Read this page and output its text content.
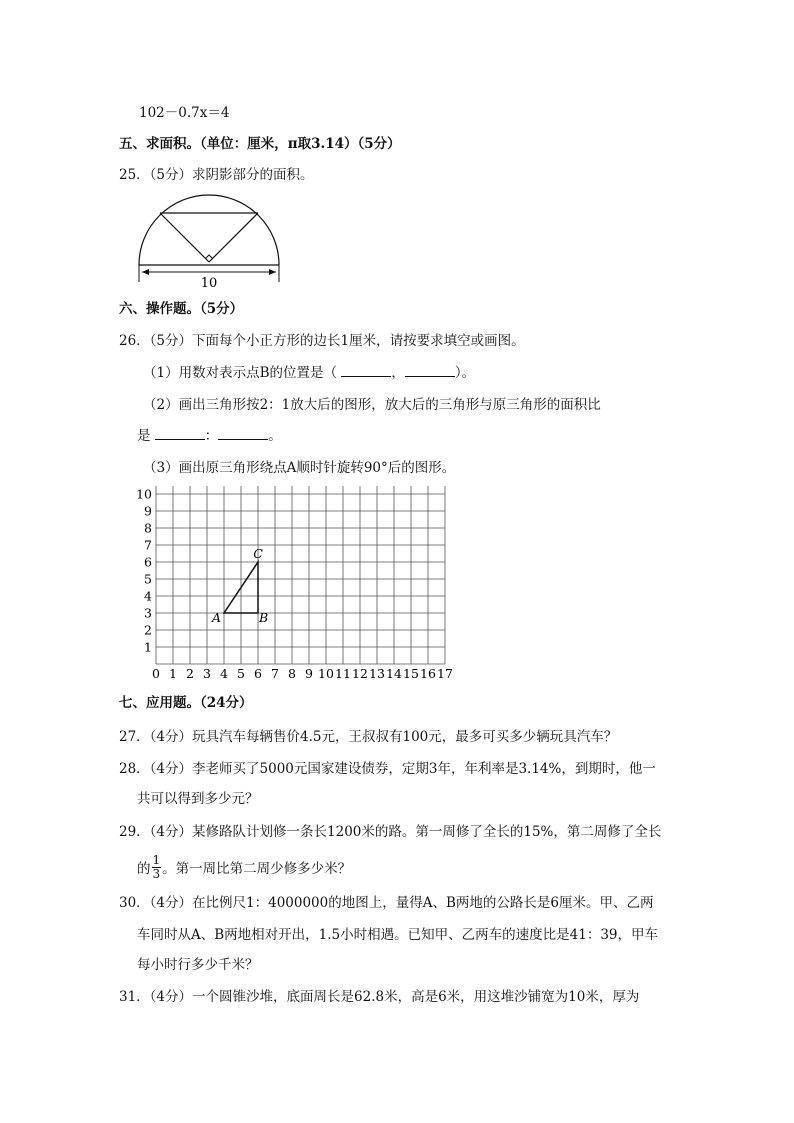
102－0.7x＝4
五、求面积。（单位：厘米，π取3.14）（5分）
25．（5分）求阴影部分的面积。
10
六、操作题。（5分）
26．（5分）下面每个小正方形的边长1厘米，请按要求填空或画图。
（1）用数对表示点B的位置是（	，	）。
（2）画出三角形按2：1放大后的图形，放大后的三角形与原三角形的面积比
是	：	。
（3）画出原三角形绕点A顺时针旋转90°后的图形。
0 1 2 3 4 5 6 7 8 9 10 11 12 13 14 15 16 17
1
2
3
4
5
6
7
8
9
10
A	B
C
七、应用题。（24分）
27．（4分）玩具汽车每辆售价4.5元，王叔叔有100元，最多可买多少辆玩具汽车？
28．（4分）李老师买了5000元国家建设债券，定期3年，年利率是3.14%，到期时，他一
共可以得到多少元？
29．（4分）某修路队计划修一条长1200米的路。第一周修了全长的15%，第二周修了全长
的 $\frac{1}{3}$ 。第一周比第二周少修多少米？
30．（4分）在比例尺1：4000000的地图上，量得A、B两地的公路长是6厘米。甲、乙两
车同时从A、B两地相对开出，1.5小时相遇。已知甲、乙两车的速度比是41：39，甲车
每小时行多少千米？
31．（4分）一个圆锥沙堆，底面周长是62.8米，高是6米，用这堆沙铺宽为10米，厚为
